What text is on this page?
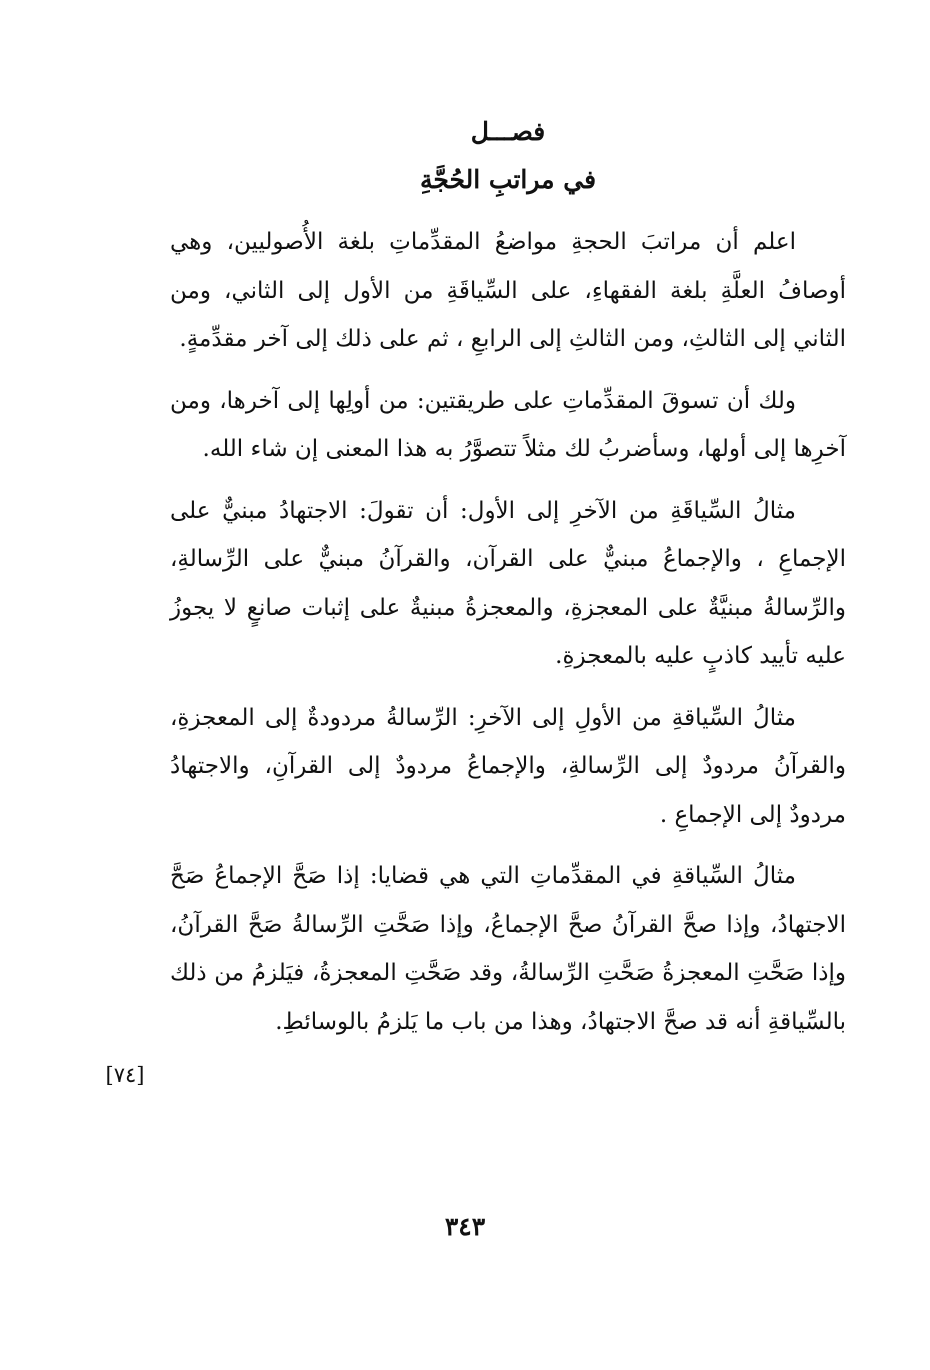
فصـــل
في مراتبِ الحُجَّةِ

اعلم أن مراتبَ الحجةِ مواضعُ المقدِّماتِ بلغة الأُصوليين، وهي أوصافُ العلَّةِ بلغة الفقهاءِ، على السِّياقَةِ من الأول إلى الثاني، ومن الثاني إلى الثالثِ، ومن الثالثِ إلى الرابعِ ، ثم على ذلك إلى آخر مقدِّمةٍ.

ولك أن تسوقَ المقدِّماتِ على طريقتين: من أولِها إلى آخرها، ومن آخرِها إلى أولها، وسأضربُ لك مثلاً تتصوَّرُ به هذا المعنى إن شاء الله.

مثالُ السِّياقَةِ من الآخرِ إلى الأول: أن تقولَ: الاجتهادُ مبنيٌّ على الإجماعِ ، والإجماعُ مبنيٌّ على القرآن، والقرآنُ مبنيٌّ على الرِّسالةِ، والرِّسالةُ مبنيَّةٌ على المعجزةِ، والمعجزةُ مبنيةٌ على إثبات صانعٍ لا يجوزُ عليه تأييد كاذبٍ عليه بالمعجزةِ.

مثالُ السِّياقةِ من الأولِ إلى الآخرِ: الرِّسالةُ مردودةٌ إلى المعجزةِ، والقرآنُ مردودٌ إلى الرِّسالةِ، والإجماعُ مردودٌ إلى القرآنِ، والاجتهادُ مردودٌ إلى الإجماعِ .

مثالُ السِّياقةِ في المقدِّماتِ التي هي قضايا: إذا صَحَّ الإجماعُ صَحَّ الاجتهادُ، وإذا صحَّ القرآنُ صحَّ الإجماعُ، وإذا صَحَّتِ الرِّسالةُ صَحَّ القرآنُ، وإذا صَحَّتِ المعجزةُ صَحَّتِ الرِّسالةُ، وقد صَحَّتِ المعجزةُ، فيَلزمُ من ذلك بالسِّياقةِ أنه قد صحَّ الاجتهادُ، وهذا من باب ما يَلزمُ بالوسائطِ.

[٧٤]
٣٤٣
